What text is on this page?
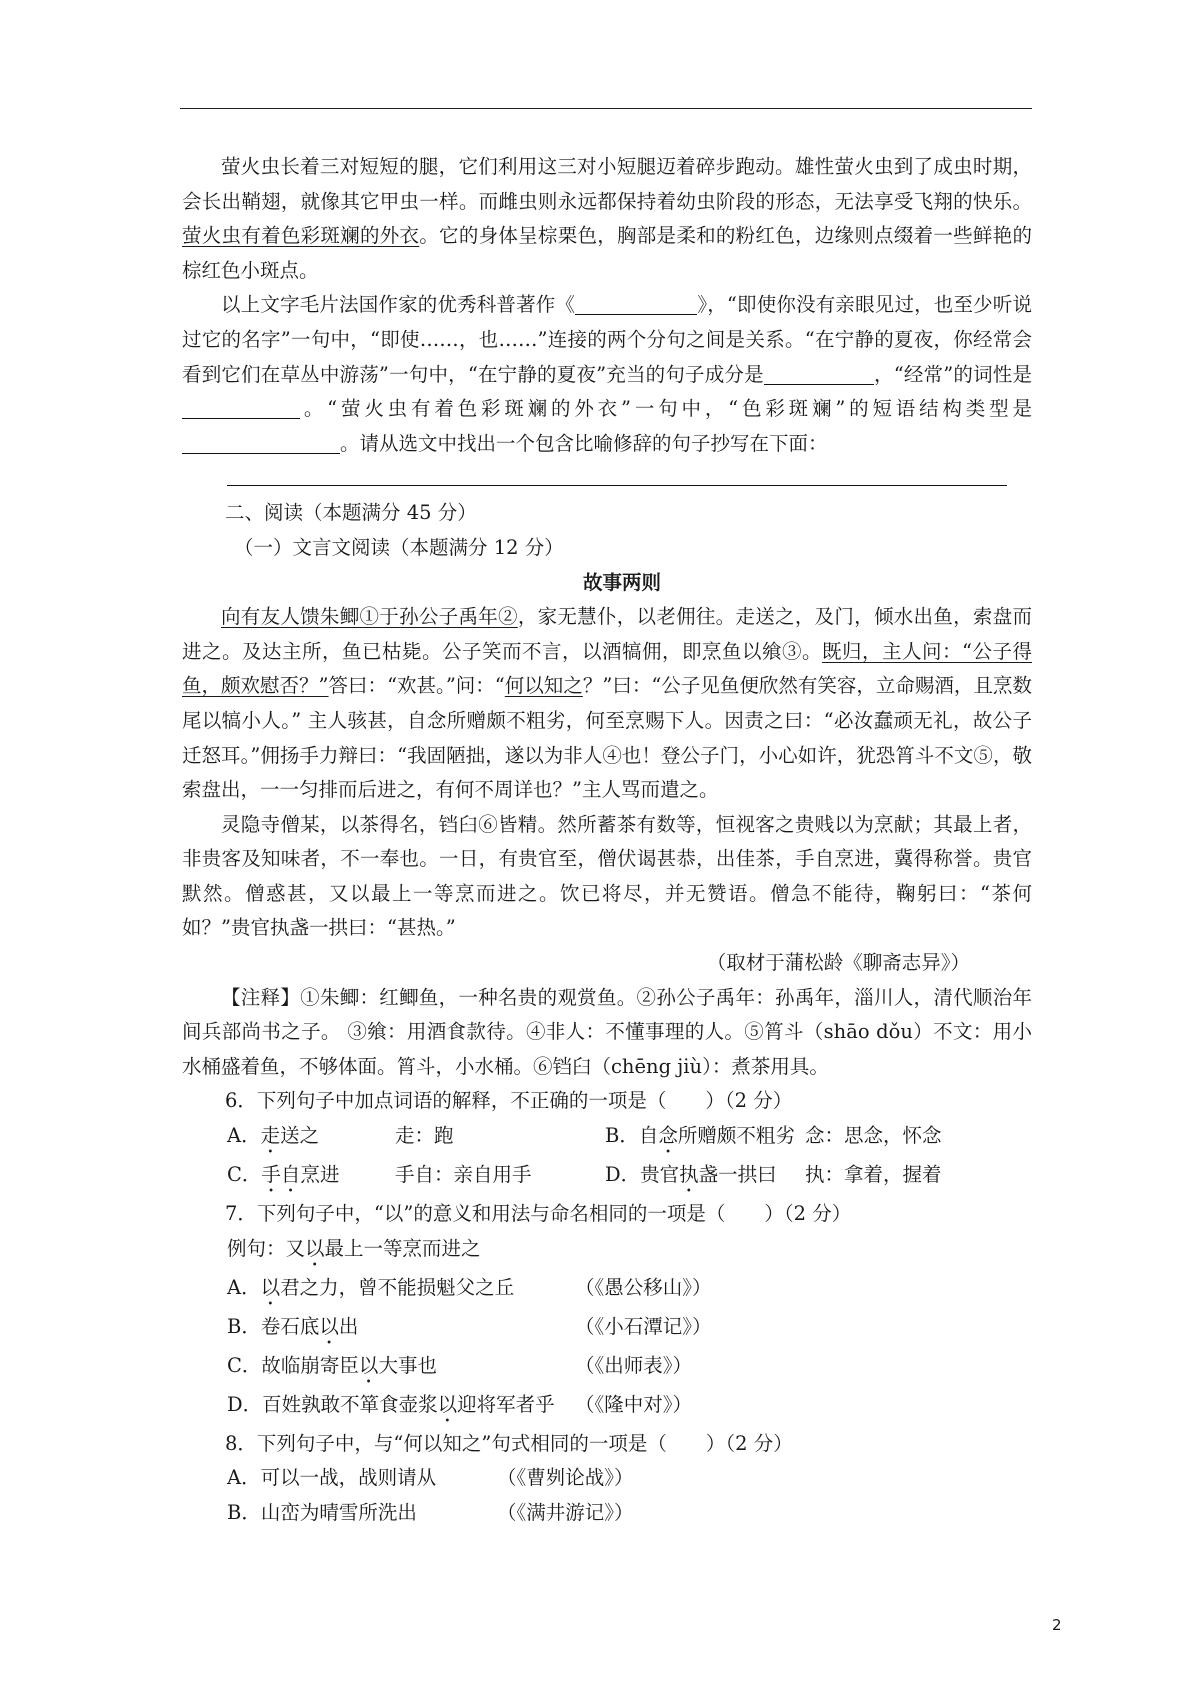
萤火虫长着三对短短的腿，它们利用这三对小短腿迈着碎步跑动。雄性萤火虫到了成虫时期，会长出鞘翅，就像其它甲虫一样。而雌虫则永远都保持着幼虫阶段的形态，无法享受飞翔的快乐。萤火虫有着色彩斑斓的外衣。它的身体呈棕栗色，胸部是柔和的粉红色，边缘则点缀着一些鲜艳的棕红色小斑点。

以上文字毛片法国作家的优秀科普著作《	》，“即使你没有亲眼见过，也至少听说过它的名字”一句中，“即使……，也……”连接的两个分句之间是关系。“在宁静的夏夜，你经常会看到它们在草丛中游荡”一句中，“在宁静的夏夜”充当的句子成分是	，“经常”的词性是。“萤火虫有着色彩斑斓的外衣”一句中，“色彩斑斓”的短语结构类型是。请从选文中找出一个包含比喻修辞的句子抄写在下面：

二、阅读（本题满分 45 分）

（一）文言文阅读（本题满分 12 分）

故事两则

向有友人馈朱鲫①于孙公子禹年②，家无慧仆，以老佣往。走送之，及门，倾水出鱼，索盘而进之。及达主所，鱼已枯毙。公子笑而不言，以酒犒佣，即烹鱼以飨③。既归，主人问：“公子得鱼，颇欢慰否？”答曰：“欢甚。”问：“何以知之？”曰：“公子见鱼便欣然有笑容，立命赐酒，且烹数尾以犒小人。” 主人骇甚，自念所赠颇不粗劣，何至烹赐下人。因责之曰：“必汝蠢顽无礼，故公子迁怒耳。”佣扬手力辩曰：“我固陋拙，遂以为非人④也！登公子门，小心如许，犹恐筲斗不文⑤，敬索盘出，一一匀排而后进之，有何不周详也？”主人骂而遣之。

灵隐寺僧某，以茶得名，铛臼⑥皆精。然所蓄茶有数等，恒视客之贵贱以为烹献；其最上者，非贵客及知味者，不一奉也。一日，有贵官至，僧伏谒甚恭，出佳茶，手自烹进，冀得称誉。贵官默然。僧惑甚，又以最上一等烹而进之。饮已将尽，并无赞语。僧急不能待，鞠躬曰：“茶何如？”贵官执盏一拱曰：“甚热。”

（取材于蒲松龄《聊斋志异》）

【注释】①朱鲫：红鲫鱼，一种名贵的观赏鱼。②孙公子禹年：孙禹年，淄川人，清代顺治年间兵部尚书之子。 ③飨：用酒食款待。④非人：不懂事理的人。⑤筲斗（shāo dǒu）不文：用小水桶盛着鱼，不够体面。筲斗，小水桶。⑥铛臼（chēng jiù）：煮茶用具。

6．下列句子中加点词语的解释，不正确的一项是（　　）（2 分）

A．走送之	走：跑	B．自念所赠颇不粗劣 念：思念，怀念

C．手自烹进	手自：亲自用手	D．贵官执盏一拱曰 执：拿着，握着

7．下列句子中，“以”的意义和用法与命名相同的一项是（　　）（2 分）

例句：又以最上一等烹而进之

A．以君之力，曾不能损魁父之丘	（《愚公移山》）

B．卷石底以出	（《小石潭记》）

C．故临崩寄臣以大事也	（《出师表》）

D．百姓孰敢不箪食壶浆以迎将军者乎 （《隆中对》）

8．下列句子中，与“何以知之”句式相同的一项是（　　）（2 分）

A．可以一战，战则请从	（《曹刿论战》）

B．山峦为晴雪所洗出	（《满井游记》）

2
